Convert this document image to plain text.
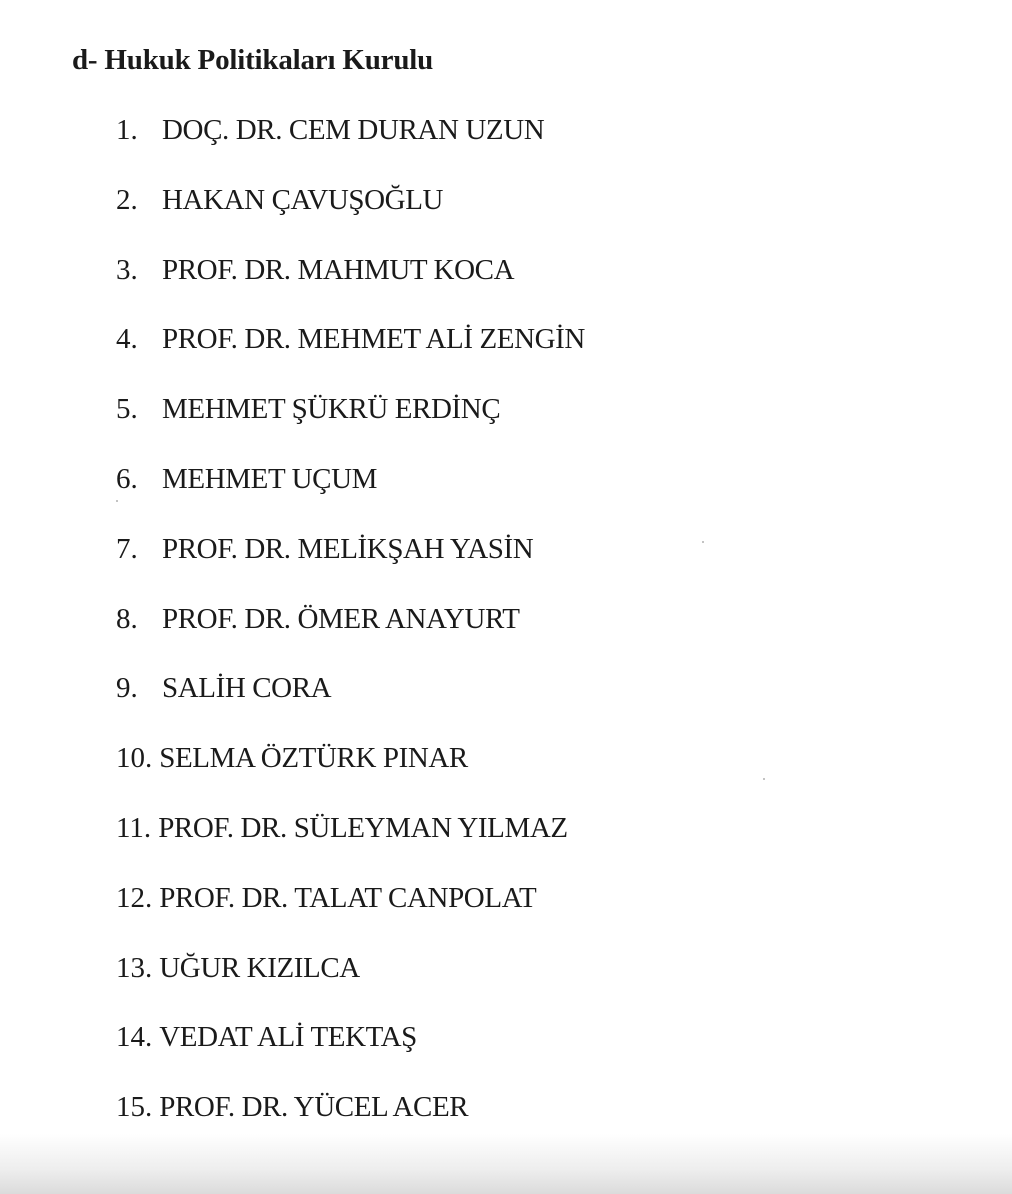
d- Hukuk Politikaları Kurulu
1. DOÇ. DR. CEM DURAN UZUN
2. HAKAN ÇAVUŞOĞLU
3. PROF. DR. MAHMUT KOCA
4. PROF. DR. MEHMET ALİ ZENGİN
5. MEHMET ŞÜKRÜ ERDİNÇ
6. MEHMET UÇUM
7. PROF. DR. MELİKŞAH YASİN
8. PROF. DR. ÖMER ANAYURT
9. SALİH CORA
10. SELMA ÖZTÜRK PINAR
11. PROF. DR. SÜLEYMAN YILMAZ
12. PROF. DR. TALAT CANPOLAT
13. UĞUR KIZILCA
14. VEDAT ALİ TEKTAŞ
15. PROF. DR. YÜCEL ACER
